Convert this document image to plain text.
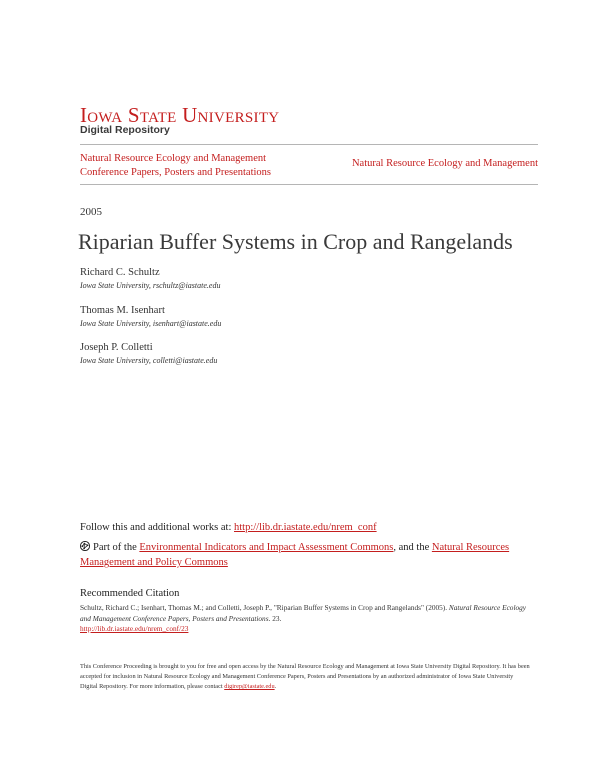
Iowa State University
Digital Repository
Natural Resource Ecology and Management Conference Papers, Posters and Presentations
Natural Resource Ecology and Management
2005
Riparian Buffer Systems in Crop and Rangelands
Richard C. Schultz
Iowa State University, rschultz@iastate.edu
Thomas M. Isenhart
Iowa State University, isenhart@iastate.edu
Joseph P. Colletti
Iowa State University, colletti@iastate.edu
Follow this and additional works at: http://lib.dr.iastate.edu/nrem_conf
Part of the Environmental Indicators and Impact Assessment Commons, and the Natural Resources Management and Policy Commons
Recommended Citation
Schultz, Richard C.; Isenhart, Thomas M.; and Colletti, Joseph P., "Riparian Buffer Systems in Crop and Rangelands" (2005). Natural Resource Ecology and Management Conference Papers, Posters and Presentations. 23.
http://lib.dr.iastate.edu/nrem_conf/23
This Conference Proceeding is brought to you for free and open access by the Natural Resource Ecology and Management at Iowa State University Digital Repository. It has been accepted for inclusion in Natural Resource Ecology and Management Conference Papers, Posters and Presentations by an authorized administrator of Iowa State University Digital Repository. For more information, please contact digirep@iastate.edu.
